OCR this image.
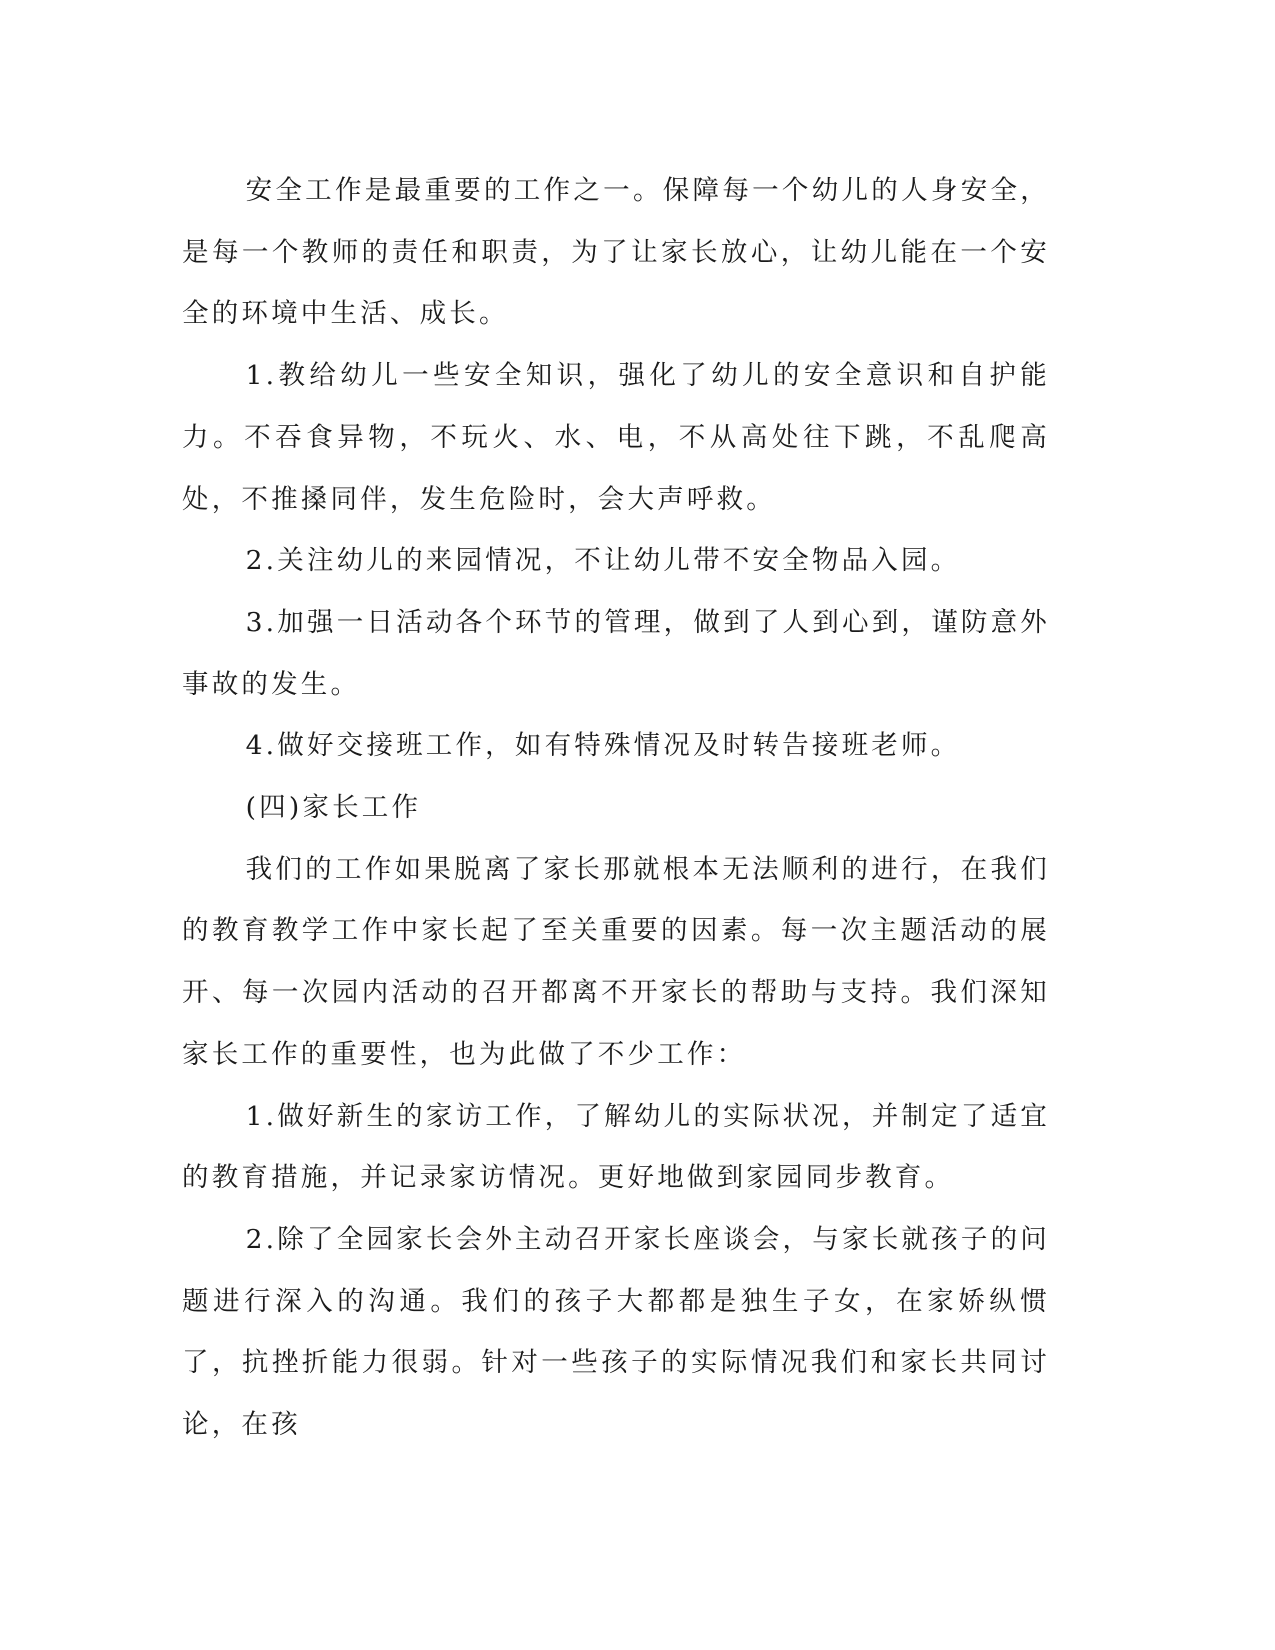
安全工作是最重要的工作之一。保障每一个幼儿的人身安全，是每一个教师的责任和职责，为了让家长放心，让幼儿能在一个安全的环境中生活、成长。

1.教给幼儿一些安全知识，强化了幼儿的安全意识和自护能力。不吞食异物，不玩火、水、电，不从高处往下跳，不乱爬高处，不推搡同伴，发生危险时，会大声呼救。

2.关注幼儿的来园情况，不让幼儿带不安全物品入园。

3.加强一日活动各个环节的管理，做到了人到心到，谨防意外事故的发生。

4.做好交接班工作，如有特殊情况及时转告接班老师。

(四)家长工作

我们的工作如果脱离了家长那就根本无法顺利的进行，在我们的教育教学工作中家长起了至关重要的因素。每一次主题活动的展开、每一次园内活动的召开都离不开家长的帮助与支持。我们深知家长工作的重要性，也为此做了不少工作：

1.做好新生的家访工作，了解幼儿的实际状况，并制定了适宜的教育措施，并记录家访情况。更好地做到家园同步教育。

2.除了全园家长会外主动召开家长座谈会，与家长就孩子的问题进行深入的沟通。我们的孩子大都都是独生子女，在家娇纵惯了，抗挫折能力很弱。针对一些孩子的实际情况我们和家长共同讨论，在孩
